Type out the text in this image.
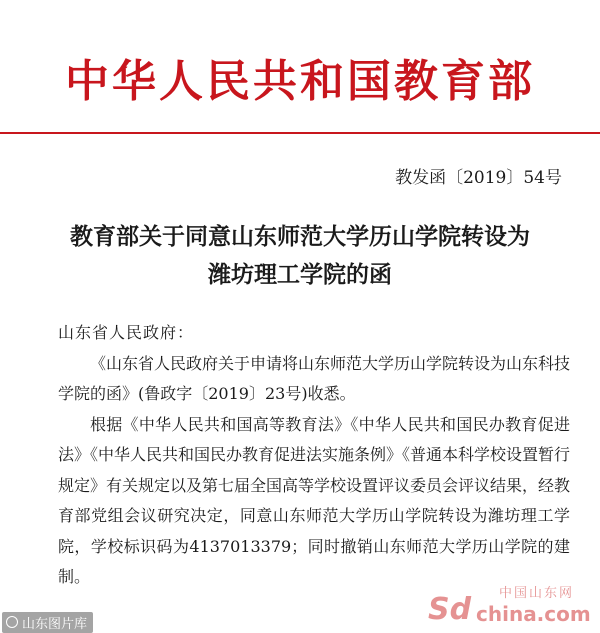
中华人民共和国教育部
教发函〔2019〕54号
教育部关于同意山东师范大学历山学院转设为
潍坊理工学院的函

山东省人民政府：

《山东省人民政府关于申请将山东师范大学历山学院转设为山东科技学院的函》(鲁政字〔2019〕23号)收悉。

根据《中华人民共和国高等教育法》《中华人民共和国民办教育促进法》《中华人民共和国民办教育促进法实施条例》《普通本科学校设置暂行规定》有关规定以及第七届全国高等学校设置评议委员会评议结果，经教育部党组会议研究决定，同意山东师范大学历山学院转设为潍坊理工学院，学校标识码为4137013379；同时撤销山东师范大学历山学院的建制。

山东图片库
中国山东网
Sd china.com
